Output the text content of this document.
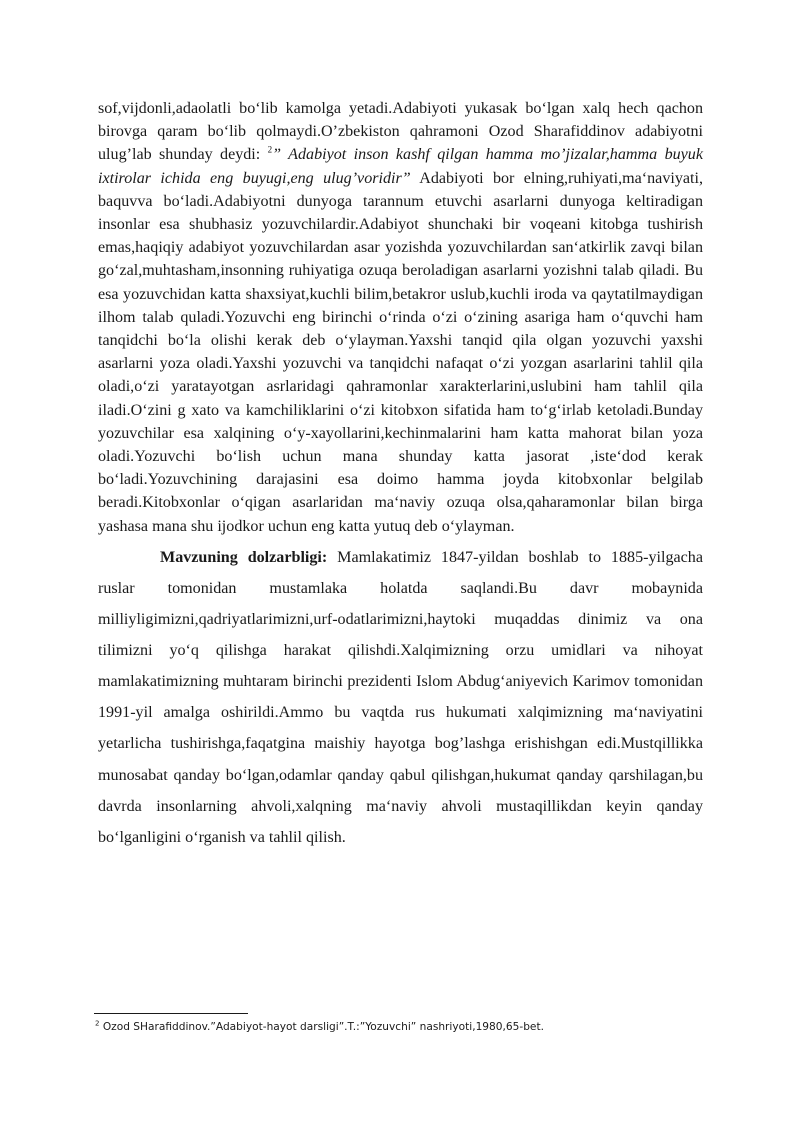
sof,vijdonli,adaolatli bo‘lib kamolga yetadi.Adabiyoti yukasak bo‘lgan xalq hech qachon birovga qaram bo‘lib qolmaydi.O’zbekiston qahramoni Ozod Sharafiddinov adabiyotni ulug’lab shunday deydi: $^2$” Adabiyot inson kashf qilgan hamma mo’jizalar,hamma buyuk ixtirolar ichida eng buyugi,eng ulug’voridir” Adabiyoti bor elning,ruhiyati,ma‘naviyati, baquvva bo‘ladi.Adabiyotni dunyoga tarannum etuvchi asarlarni dunyoga keltiradigan insonlar esa shubhasiz yozuvchilardir.Adabiyot shunchaki bir voqeani kitobga tushirish emas,haqiqiy adabiyot yozuvchilardan asar yozishda yozuvchilardan san‘atkirlik zavqi bilan go‘zal,muhtasham,insonning ruhiyatiga ozuqa beroladigan asarlarni yozishni talab qiladi. Bu esa yozuvchidan katta shaxsiyat,kuchli bilim,betakror uslub,kuchli iroda va qaytatilmaydigan ilhom talab quladi.Yozuvchi eng birinchi o‘rinda o‘zi o‘zining asariga ham o‘quvchi ham tanqidchi bo‘la olishi kerak deb o‘ylayman.Yaxshi tanqid qila olgan yozuvchi yaxshi asarlarni yoza oladi.Yaxshi yozuvchi va tanqidchi nafaqat o‘zi yozgan asarlarini tahlil qila oladi,o‘zi yaratayotgan asrlaridagi qahramonlar xarakterlarini,uslubini ham tahlil qila iladi.O‘zini g xato va kamchiliklarini o‘zi kitobxon sifatida ham to‘g‘irlab ketoladi.Bunday yozuvchilar esa xalqining o‘y-xayollarini,kechinmalarini ham katta mahorat bilan yoza oladi.Yozuvchi bo‘lish uchun mana shunday katta jasorat ,iste‘dod kerak bo‘ladi.Yozuvchining darajasini esa doimo hamma joyda kitobxonlar belgilab beradi.Kitobxonlar o‘qigan asarlaridan ma‘naviy ozuqa olsa,qaharamonlar bilan birga yashasa mana shu ijodkor uchun eng katta yutuq deb o‘ylayman.

Mavzuning dolzarbligi: Mamlakatimiz 1847-yildan boshlab to 1885-yilgacha ruslar tomonidan mustamlaka holatda saqlandi.Bu davr mobaynida milliyligimizni,qadriyatlarimizni,urf-odatlarimizni,haytoki muqaddas dinimiz va ona tilimizni yo‘q qilishga harakat qilishdi.Xalqimizning orzu umidlari va nihoyat mamlakatimizning muhtaram birinchi prezidenti Islom Abdug‘aniyevich Karimov tomonidan 1991-yil amalga oshirildi.Ammo bu vaqtda rus hukumati xalqimizning ma‘naviyatini yetarlicha tushirishga,faqatgina maishiy hayotga bog’lashga erishishgan edi.Mustqillikka munosabat qanday bo‘lgan,odamlar qanday qabul qilishgan,hukumat qanday qarshilagan,bu davrda insonlarning ahvoli,xalqning ma‘naviy ahvoli mustaqillikdan keyin qanday bo‘lganligini o‘rganish va tahlil qilish.

$^2$ Ozod SHarafiddinov.”Adabiyot-hayot darsligi”.T.:”Yozuvchi” nashriyoti,1980,65-bet.
